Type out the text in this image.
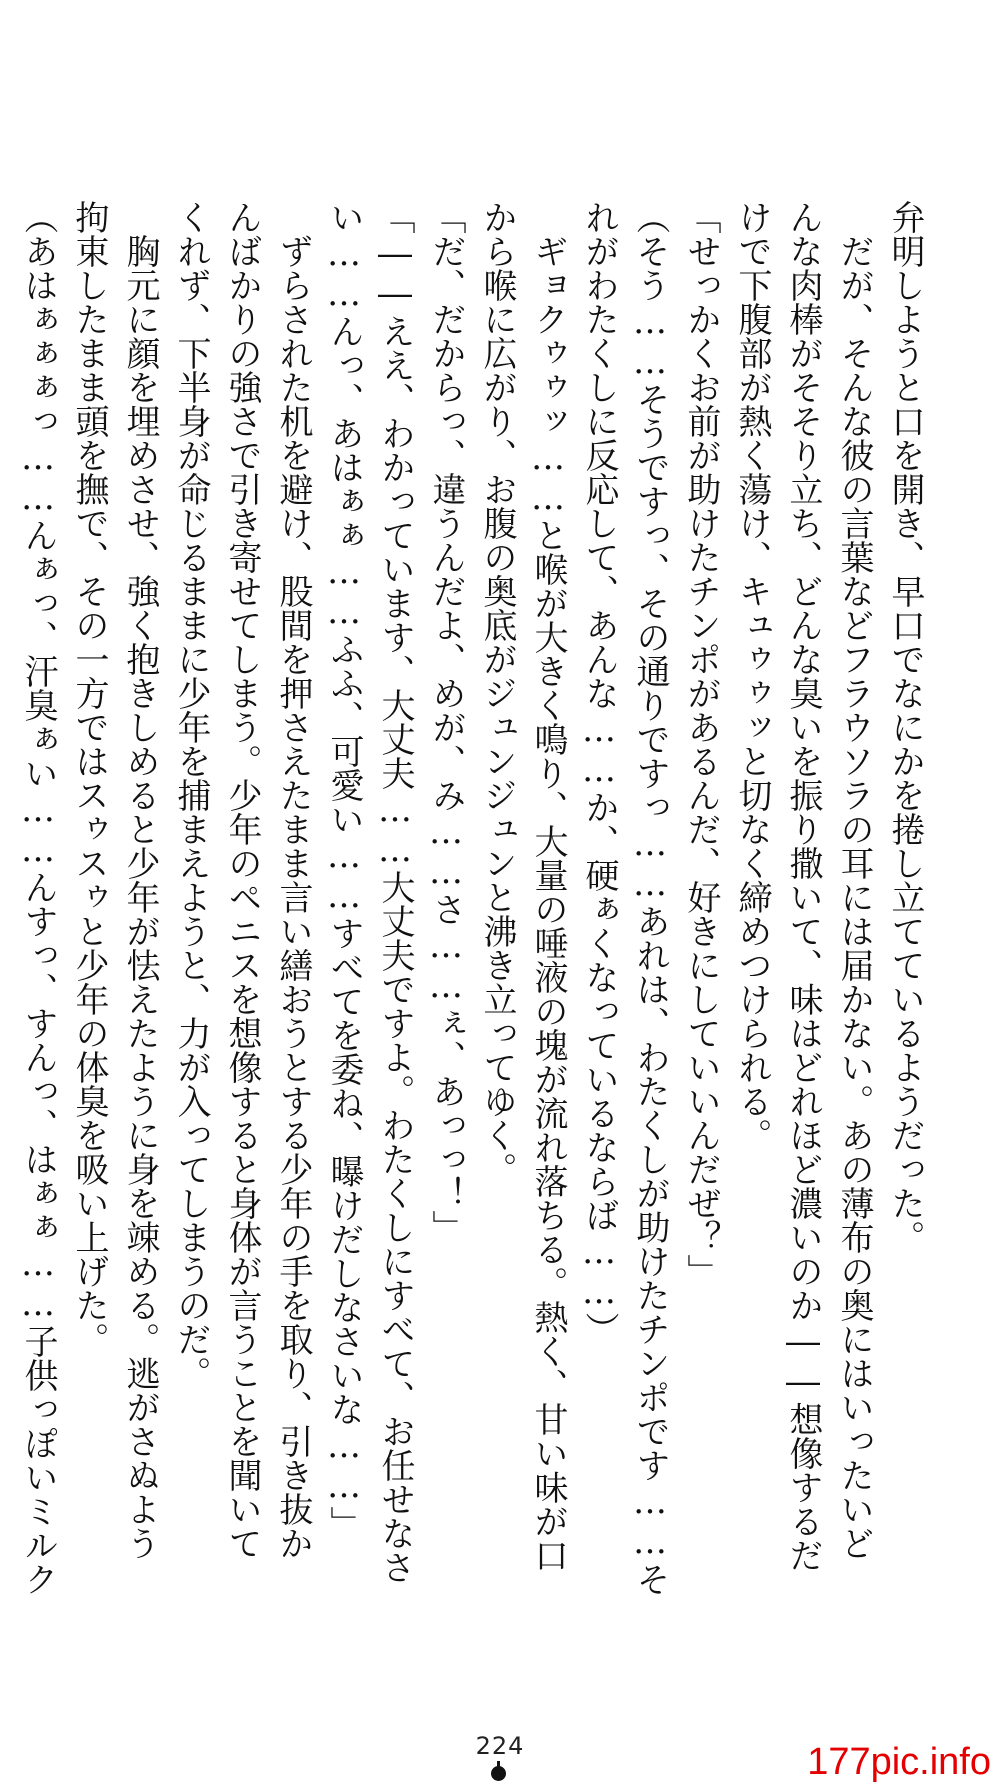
弁明しようと口を開き、早口でなにかを捲し立てているようだった。
　だが、そんな彼の言葉などフラウソラの耳には届かない。あの薄布の奥にはいったいど
んな肉棒がそそり立ち、どんな臭いを振り撒いて、味はどれほど濃いのか――想像するだ
けで下腹部が熱く蕩け、キュゥゥッと切なく締めつけられる。
「せっかくお前が助けたチンポがあるんだ、好きにしていいんだぜ？」
（そう……そうですっ、その通りですっ……あれは、わたくしが助けたチンポです……そ
れがわたくしに反応して、あんな……か、硬ぁくなっているならば……）
　ギョクゥゥッ……と喉が大きく鳴り、大量の唾液の塊が流れ落ちる。熱く、甘い味が口
から喉に広がり、お腹の奥底がジュンジュンと沸き立ってゆく。
「だ、だからっ、違うんだよ、めが、み……さ……ぇ、あっっ！」
「――ええ、わかっています、大丈夫……大丈夫ですよ。わたくしにすべて、お任せなさ
い……んっ、あはぁぁ……ふふ、可愛い……すべてを委ね、曝けだしなさいな……」
　ずらされた机を避け、股間を押さえたまま言い繕おうとする少年の手を取り、引き抜か
んばかりの強さで引き寄せてしまう。少年のペニスを想像すると身体が言うことを聞いて
くれず、下半身が命じるままに少年を捕まえようと、力が入ってしまうのだ。
　胸元に顔を埋めさせ、強く抱きしめると少年が怯えたように身を竦める。逃がさぬよう
拘束したまま頭を撫で、その一方ではスゥスゥと少年の体臭を吸い上げた。
（あはぁぁぁっ……んぁっ、汗臭ぁい……んすっ、すんっ、はぁぁ……子供っぽいミルク
224	177pic.info
